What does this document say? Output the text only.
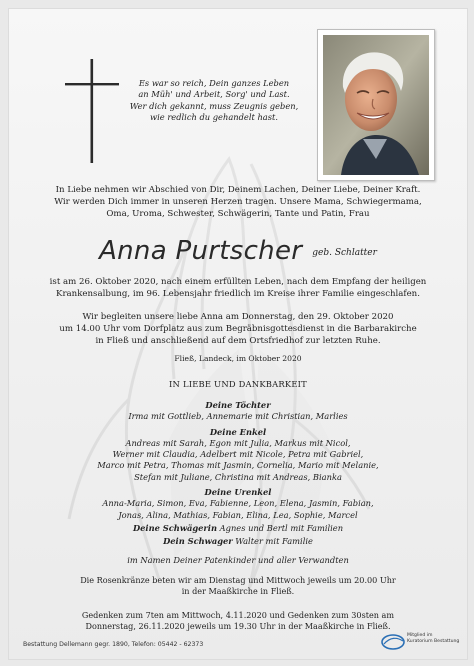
Es war so reich, Dein ganzes Leben
an Müh' und Arbeit, Sorg' und Last.
Wer dich gekannt, muss Zeugnis geben,
wie redlich du gehandelt hast.
In Liebe nehmen wir Abschied von Dir, Deinem Lachen, Deiner Liebe, Deiner Kraft.
Wir werden Dich immer in unseren Herzen tragen. Unsere Mama, Schwiegermama,
Oma, Uroma, Schwester, Schwägerin, Tante und Patin, Frau
Anna Purtscher $^{geb. Schlatter}$
ist am 26. Oktober 2020, nach einem erfüllten Leben, nach dem Empfang der heiligen
Krankensalbung, im 96. Lebensjahr friedlich im Kreise ihrer Familie eingeschlafen.
Wir begleiten unsere liebe Anna am Donnerstag, den 29. Oktober 2020
um 14.00 Uhr vom Dorfplatz aus zum Begräbnisgottesdienst in die Barbarakirche
in Fließ und anschließend auf dem Ortsfriedhof zur letzten Ruhe.
Fließ, Landeck, im Oktober 2020
IN LIEBE UND DANKBARKEIT
Deine Töchter
Irma mit Gottlieb, Annemarie mit Christian, Marlies
Deine Enkel
Andreas mit Sarah, Egon mit Julia, Markus mit Nicol,
Werner mit Claudia, Adelbert mit Nicole, Petra mit Gabriel,
Marco mit Petra, Thomas mit Jasmin, Cornelia, Mario mit Melanie,
Stefan mit Juliane, Christina mit Andreas, Bianka
Deine Urenkel
Anna-Maria, Simon, Eva, Fabienne, Leon, Elena, Jasmin, Fabian,
Jonas, Alina, Mathias, Fabian, Elina, Lea, Sophie, Marcel
Deine Schwägerin Agnes und Bertl mit Familien
Dein Schwager Walter mit Familie
im Namen Deiner Patenkinder und aller Verwandten
Die Rosenkränze beten wir am Dienstag und Mittwoch jeweils um 20.00 Uhr
in der Maaßkirche in Fließ.
Gedenken zum 7ten am Mittwoch, 4.11.2020 und Gedenken zum 30sten am
Donnerstag, 26.11.2020 jeweils um 19.30 Uhr in der Maaßkirche in Fließ.
Bestattung Dellemann gegr. 1890, Telefon: 05442 - 62373
Mitglied im
Kuratorium Bestattung
